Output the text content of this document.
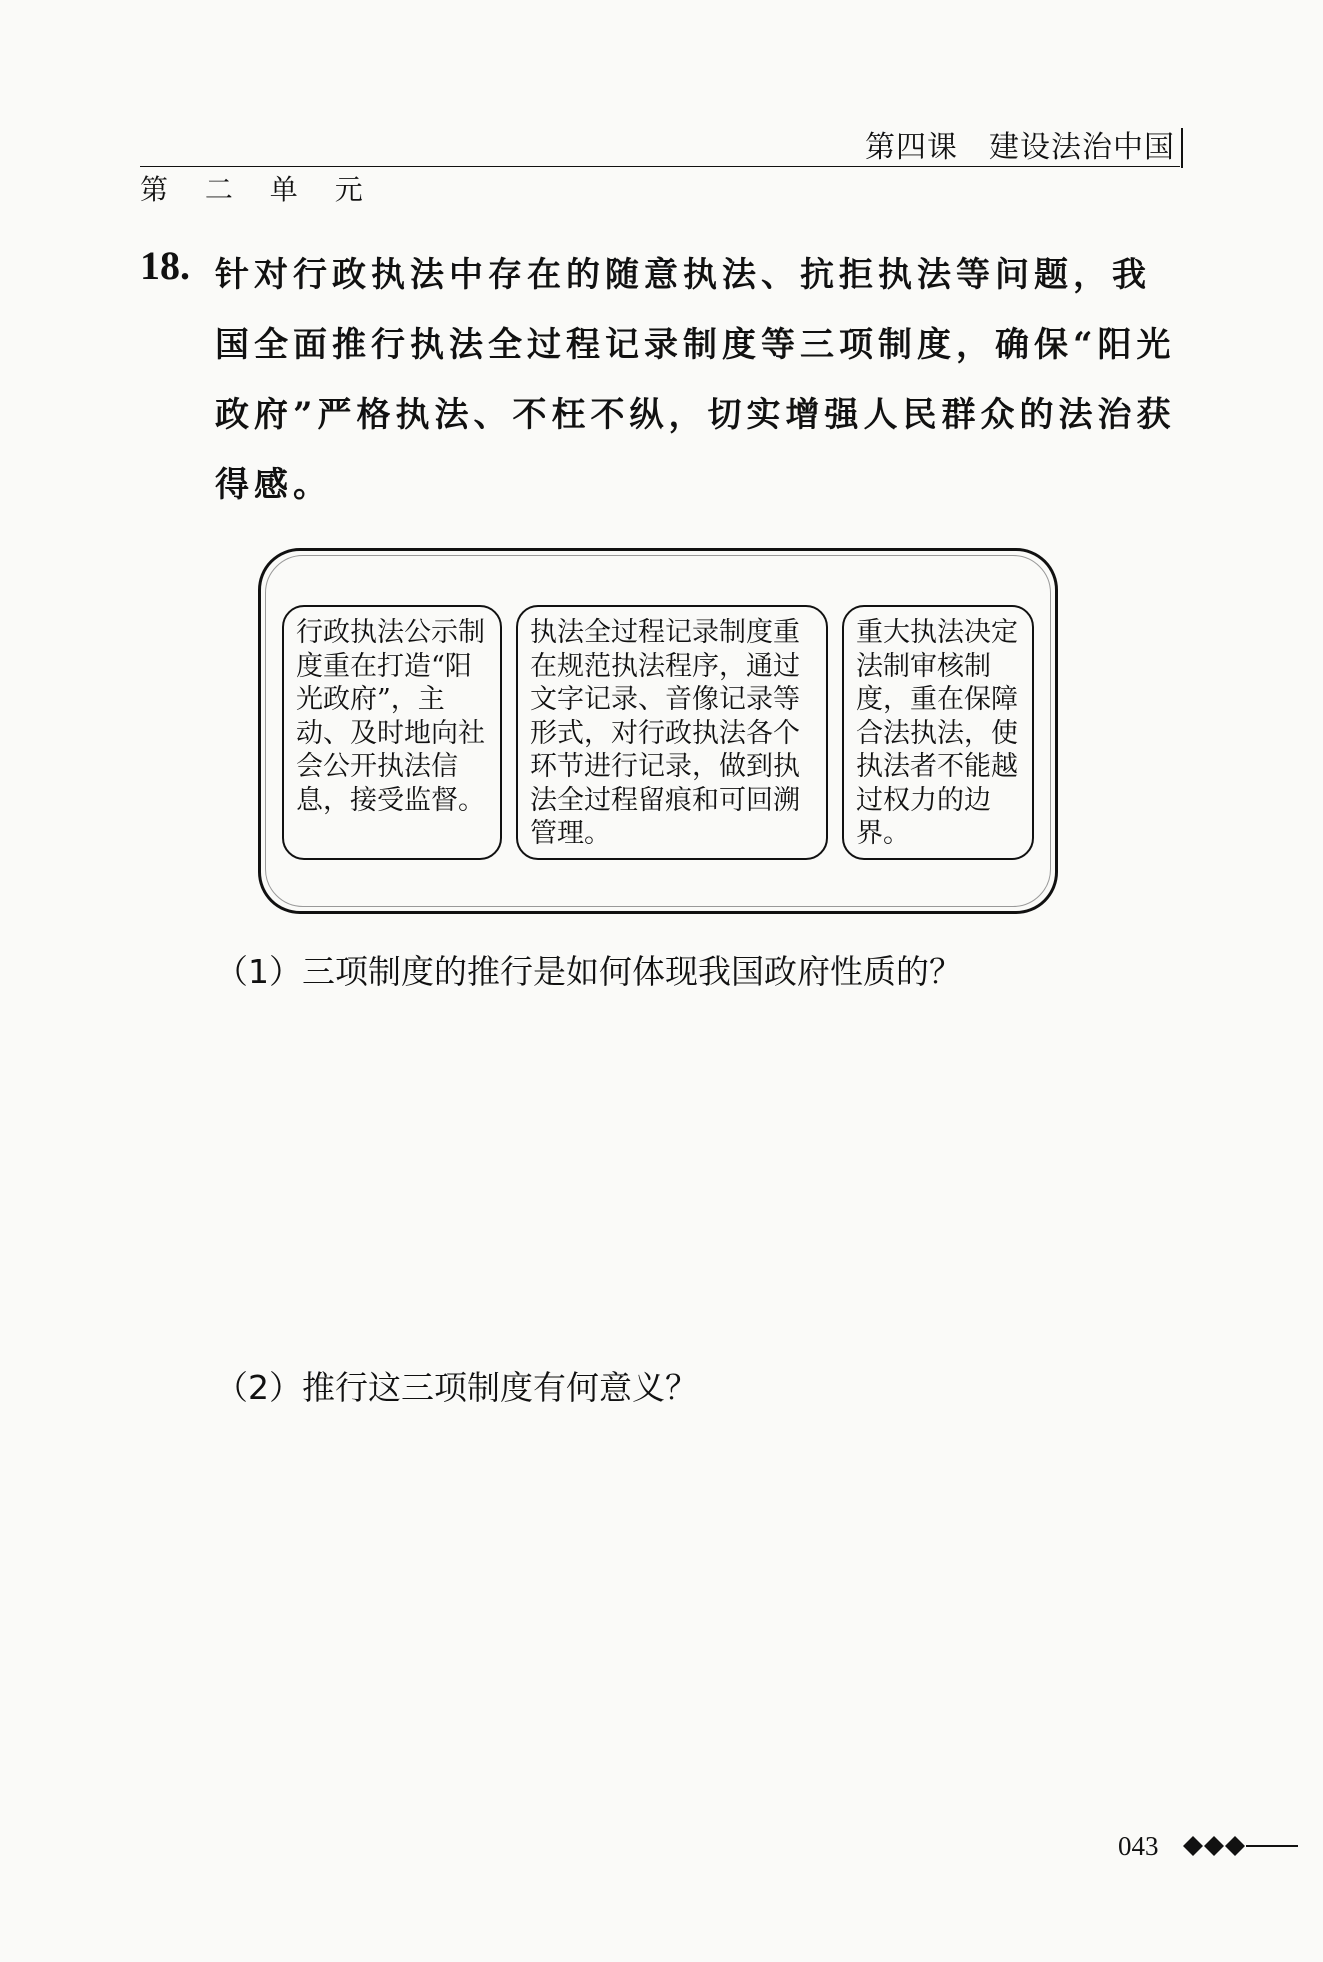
第四课　建设法治中国
第 二 单 元
18. 针对行政执法中存在的随意执法、抗拒执法等问题，我国全面推行执法全过程记录制度等三项制度，确保“阳光政府”严格执法、不枉不纵，切实增强人民群众的法治获得感。

行政执法公示制度重在打造“阳光政府”，主动、及时地向社会公开执法信息，接受监督。
执法全过程记录制度重在规范执法程序，通过文字记录、音像记录等形式，对行政执法各个环节进行记录，做到执法全过程留痕和可回溯管理。
重大执法决定法制审核制度，重在保障合法执法，使执法者不能越过权力的边界。
（1）三项制度的推行是如何体现我国政府性质的？
（2）推行这三项制度有何意义？
043
